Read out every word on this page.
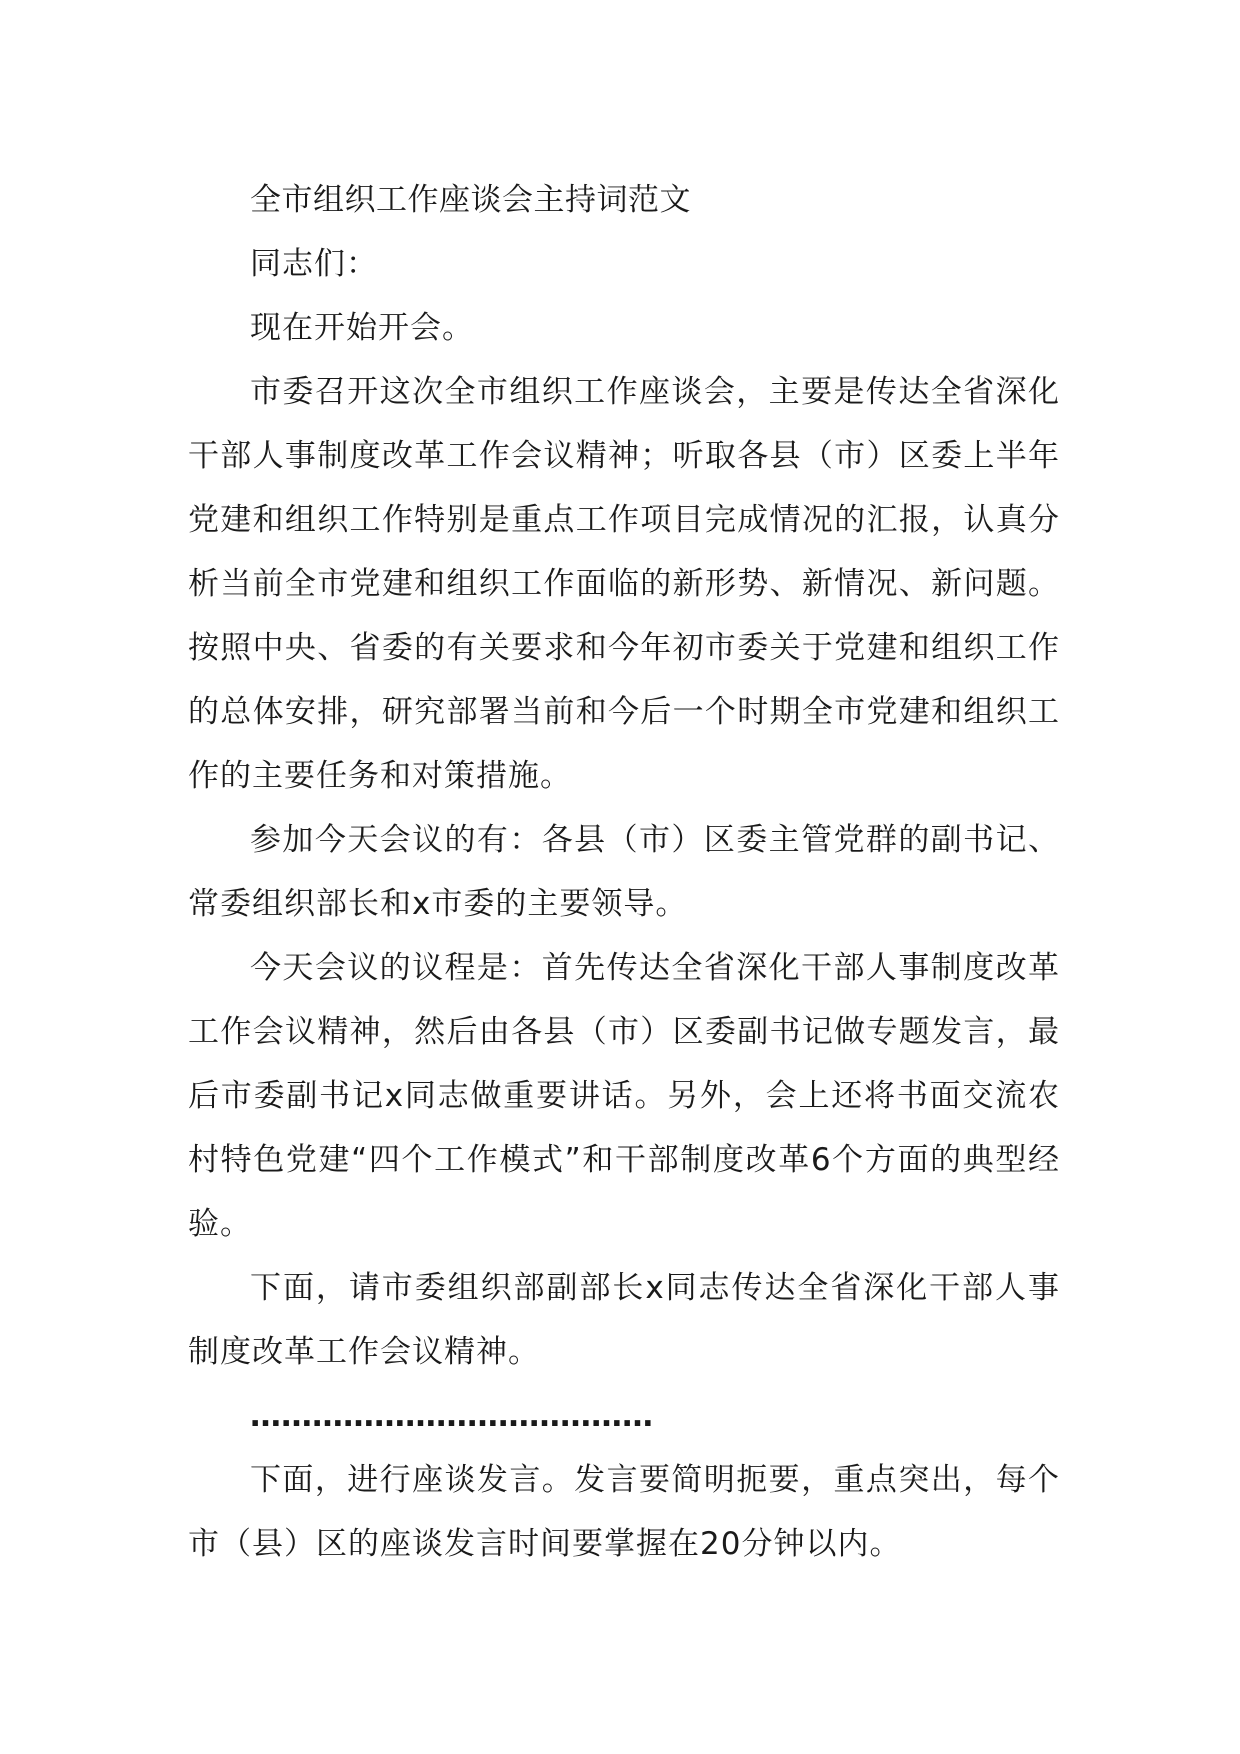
全市组织工作座谈会主持词范文

同志们：

现在开始开会。

市委召开这次全市组织工作座谈会，主要是传达全省深化干部人事制度改革工作会议精神；听取各县（市）区委上半年党建和组织工作特别是重点工作项目完成情况的汇报，认真分析当前全市党建和组织工作面临的新形势、新情况、新问题。按照中央、省委的有关要求和今年初市委关于党建和组织工作的总体安排，研究部署当前和今后一个时期全市党建和组织工作的主要任务和对策措施。

参加今天会议的有：各县（市）区委主管党群的副书记、常委组织部长和x市委的主要领导。

今天会议的议程是：首先传达全省深化干部人事制度改革工作会议精神，然后由各县（市）区委副书记做专题发言，最后市委副书记x同志做重要讲话。另外，会上还将书面交流农村特色党建“四个工作模式”和干部制度改革6个方面的典型经验。

下面，请市委组织部副部长x同志传达全省深化干部人事制度改革工作会议精神。

…………………………………

下面，进行座谈发言。发言要简明扼要，重点突出，每个市（县）区的座谈发言时间要掌握在20分钟以内。
